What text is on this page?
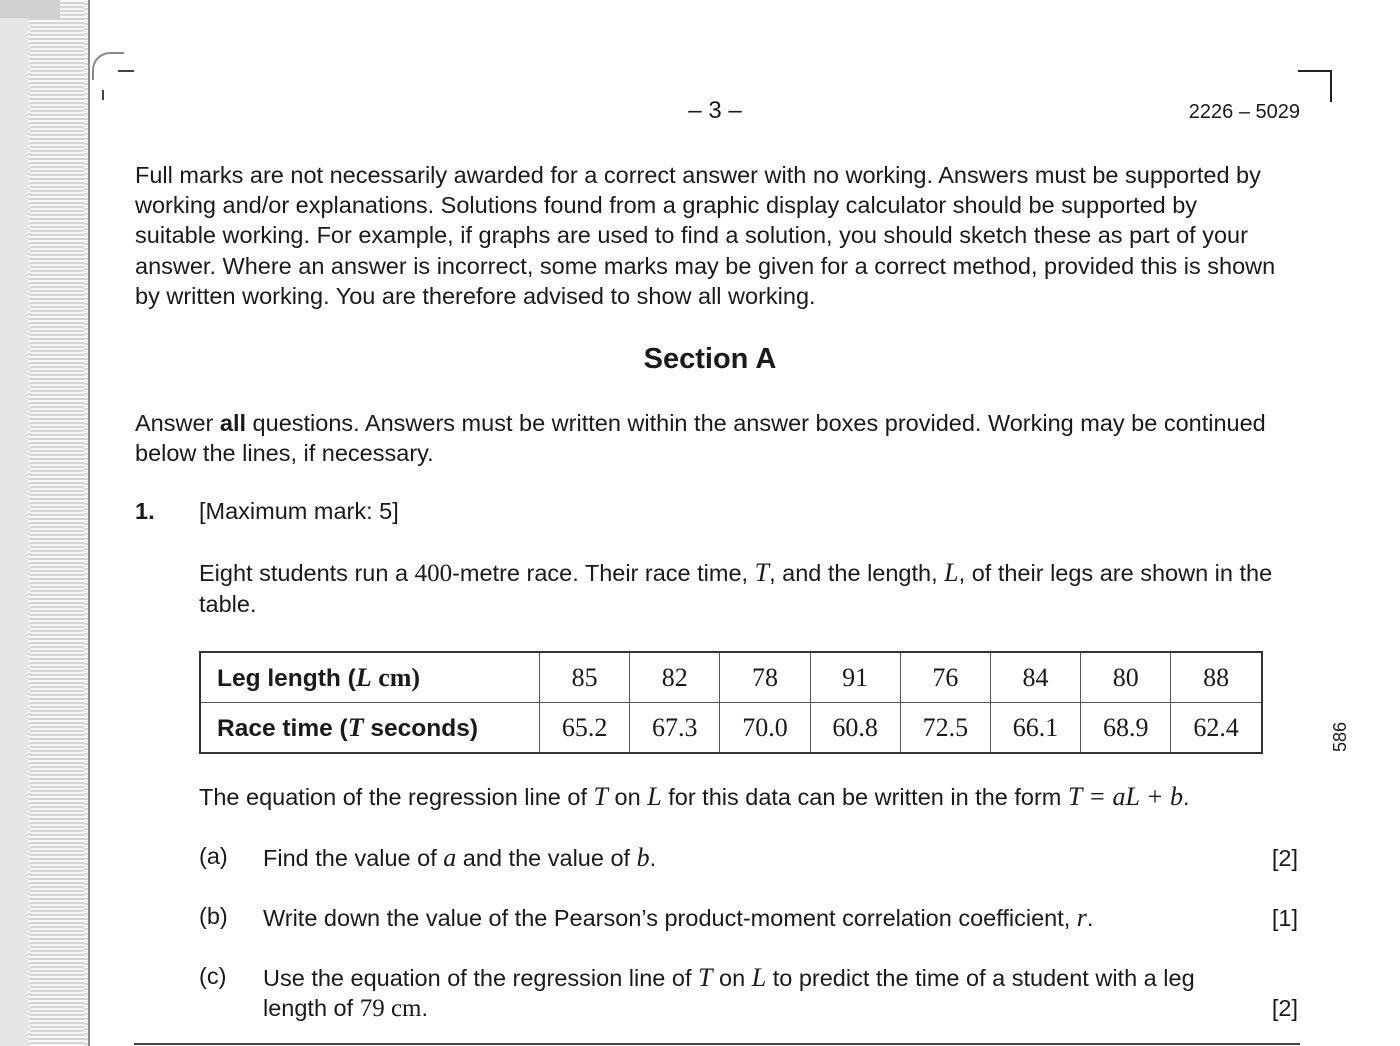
– 3 –	2226 – 5029
586
Full marks are not necessarily awarded for a correct answer with no working. Answers must be supported by working and/or explanations. Solutions found from a graphic display calculator should be supported by suitable working. For example, if graphs are used to find a solution, you should sketch these as part of your answer. Where an answer is incorrect, some marks may be given for a correct method, provided this is shown by written working. You are therefore advised to show all working.
Section A
Answer all questions. Answers must be written within the answer boxes provided. Working may be continued below the lines, if necessary.
1. [Maximum mark: 5]
Eight students run a 400-metre race. Their race time, T, and the length, L, of their legs are shown in the table.
Leg length (L cm)	85	82	78	91	76	84	80	88
Race time (T seconds)	65.2	67.3	70.0	60.8	72.5	66.1	68.9	62.4
The equation of the regression line of T on L for this data can be written in the form T = aL + b.
(a) Find the value of a and the value of b.	[2]
(b) Write down the value of the Pearson’s product-moment correlation coefficient, r.	[1]
(c) Use the equation of the regression line of T on L to predict the time of a student with a leg length of 79 cm.	[2]
